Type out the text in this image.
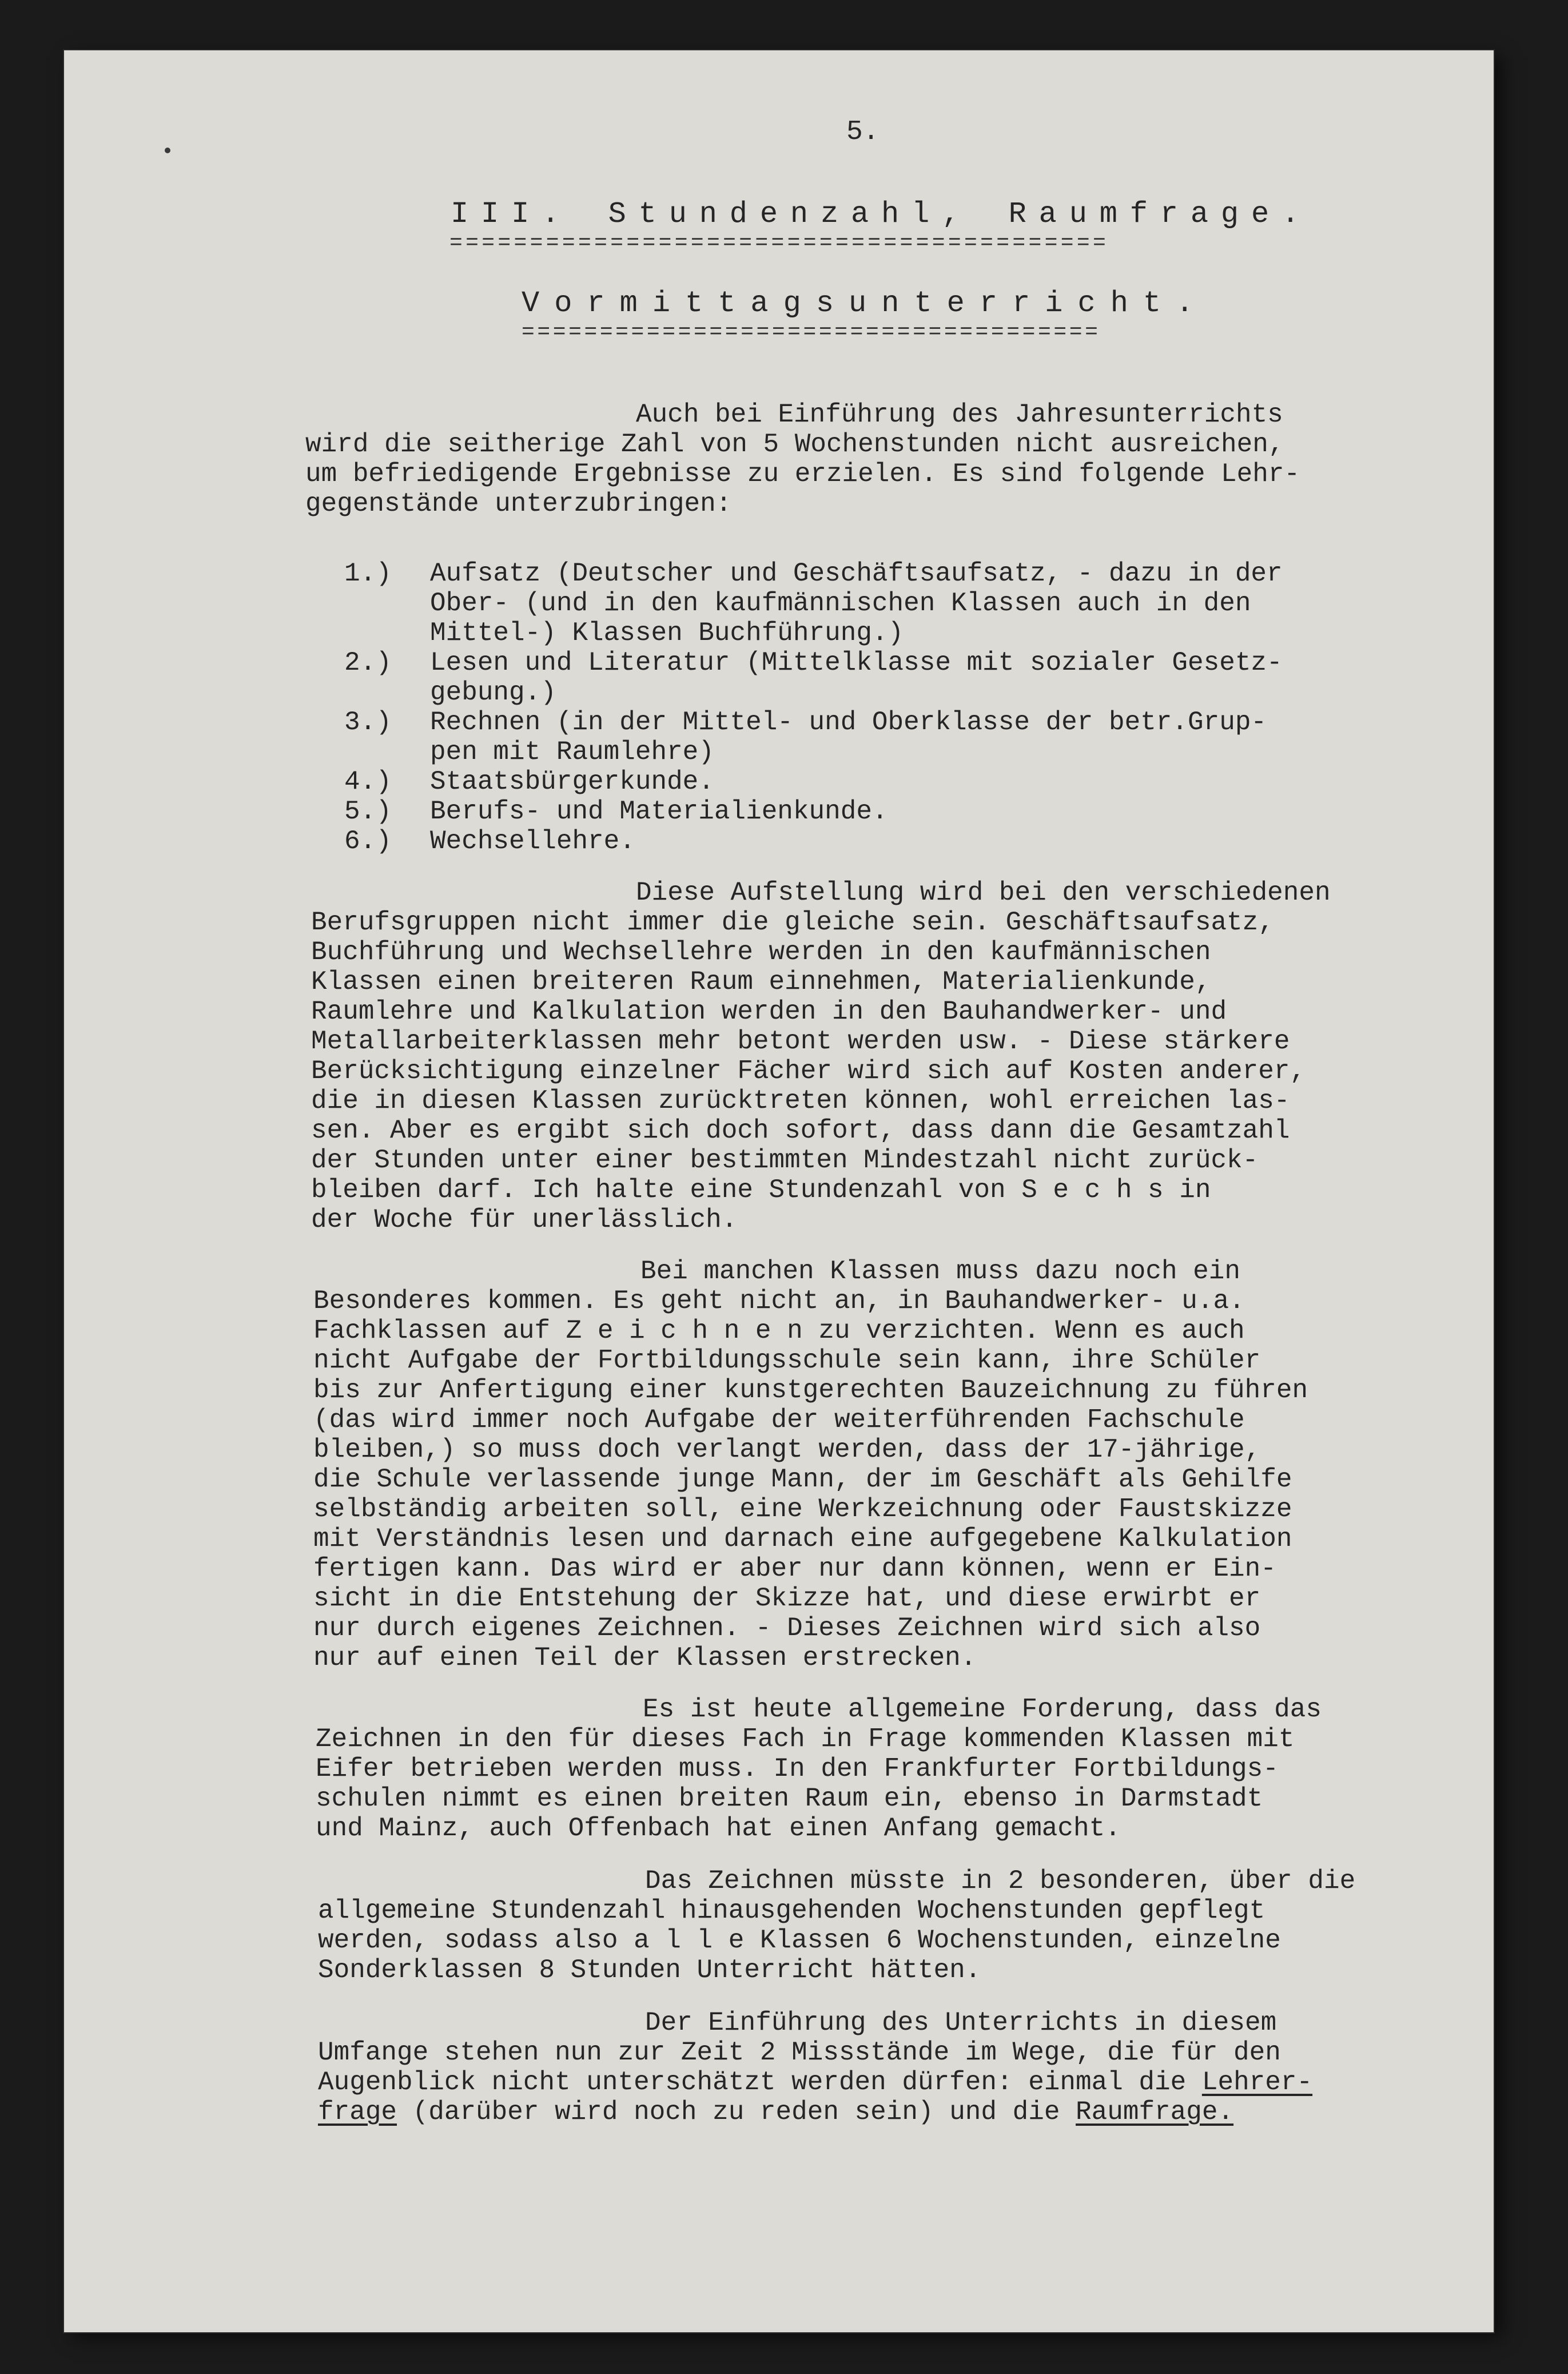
5.
III. Stundenzahl, Raumfrage.
=========================================
Vormittagsunterricht.
=====================================
Auch bei Einführung des Jahresunterrichts
wird die seitherige Zahl von 5 Wochenstunden nicht ausreichen,
um befriedigende Ergebnisse zu erzielen. Es sind folgende Lehr-
gegenstände unterzubringen:
1.) Aufsatz (Deutscher und Geschäftsaufsatz, - dazu in der
Ober- (und in den kaufmännischen Klassen auch in den
Mittel-) Klassen Buchführung.)
2.) Lesen und Literatur (Mittelklasse mit sozialer Gesetz-
gebung.)
3.) Rechnen (in der Mittel- und Oberklasse der betr.Grup-
pen mit Raumlehre)
4.) Staatsbürgerkunde.
5.) Berufs- und Materialienkunde.
6.) Wechsellehre.
Diese Aufstellung wird bei den verschiedenen
Berufsgruppen nicht immer die gleiche sein. Geschäftsaufsatz,
Buchführung und Wechsellehre werden in den kaufmännischen
Klassen einen breiteren Raum einnehmen, Materialienkunde,
Raumlehre und Kalkulation werden in den Bauhandwerker- und
Metallarbeiterklassen mehr betont werden usw. - Diese stärkere
Berücksichtigung einzelner Fächer wird sich auf Kosten anderer,
die in diesen Klassen zurücktreten können, wohl erreichen las-
sen. Aber es ergibt sich doch sofort, dass dann die Gesamtzahl
der Stunden unter einer bestimmten Mindestzahl nicht zurück-
bleiben darf. Ich halte eine Stundenzahl von S e c h s in
der Woche für unerlässlich.
Bei manchen Klassen muss dazu noch ein
Besonderes kommen. Es geht nicht an, in Bauhandwerker- u.a.
Fachklassen auf Z e i c h n e n zu verzichten. Wenn es auch
nicht Aufgabe der Fortbildungsschule sein kann, ihre Schüler
bis zur Anfertigung einer kunstgerechten Bauzeichnung zu führen
(das wird immer noch Aufgabe der weiterführenden Fachschule
bleiben,) so muss doch verlangt werden, dass der 17-jährige,
die Schule verlassende junge Mann, der im Geschäft als Gehilfe
selbständig arbeiten soll, eine Werkzeichnung oder Faustskizze
mit Verständnis lesen und darnach eine aufgegebene Kalkulation
fertigen kann. Das wird er aber nur dann können, wenn er Ein-
sicht in die Entstehung der Skizze hat, und diese erwirbt er
nur durch eigenes Zeichnen. - Dieses Zeichnen wird sich also
nur auf einen Teil der Klassen erstrecken.
Es ist heute allgemeine Forderung, dass das
Zeichnen in den für dieses Fach in Frage kommenden Klassen mit
Eifer betrieben werden muss. In den Frankfurter Fortbildungs-
schulen nimmt es einen breiten Raum ein, ebenso in Darmstadt
und Mainz, auch Offenbach hat einen Anfang gemacht.
Das Zeichnen müsste in 2 besonderen, über die
allgemeine Stundenzahl hinausgehenden Wochenstunden gepflegt
werden, sodass also a l l e Klassen 6 Wochenstunden, einzelne
Sonderklassen 8 Stunden Unterricht hätten.
Der Einführung des Unterrichts in diesem
Umfange stehen nun zur Zeit 2 Missstände im Wege, die für den
Augenblick nicht unterschätzt werden dürfen: einmal die Lehrer-
frage (darüber wird noch zu reden sein) und die Raumfrage.
